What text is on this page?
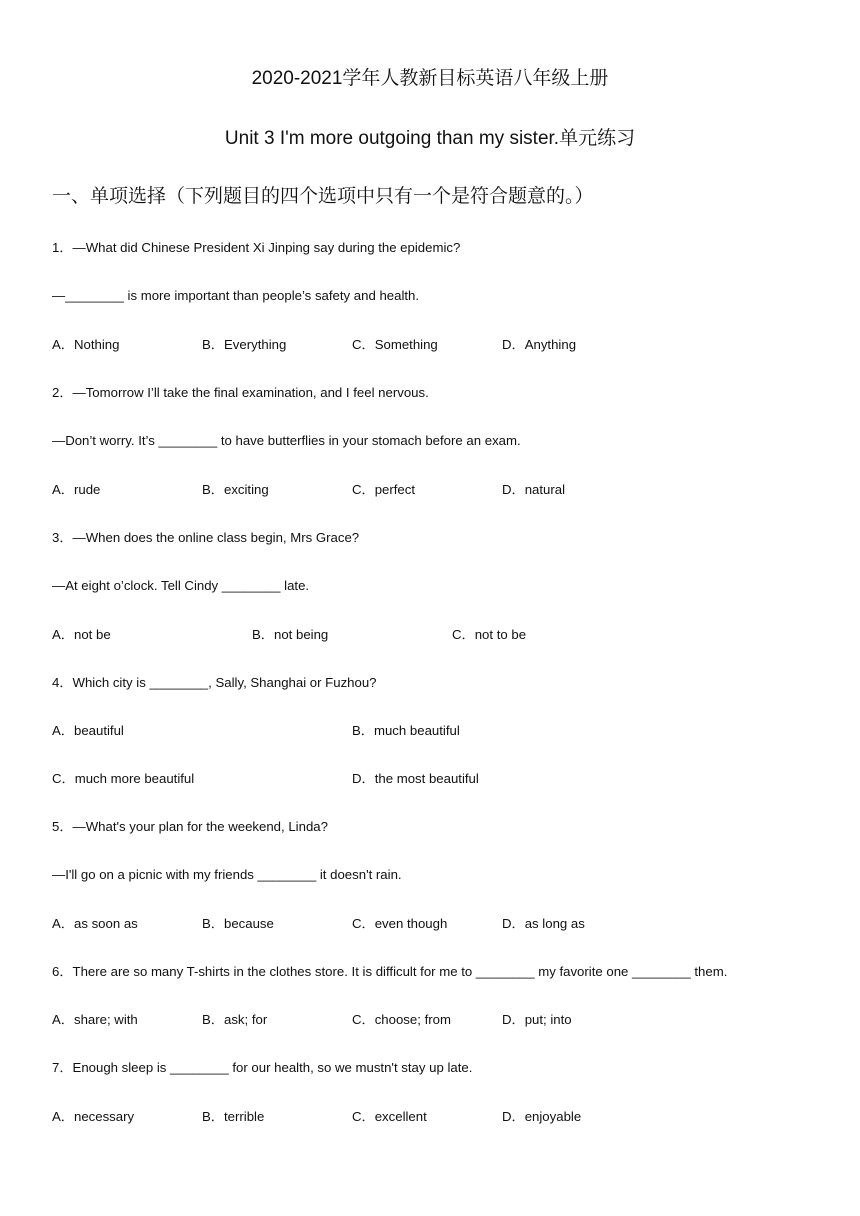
2020-2021学年人教新目标英语八年级上册
Unit 3 I'm more outgoing than my sister.单元练习
一、单项选择（下列题目的四个选项中只有一个是符合题意的。）
1．—What did Chinese President Xi Jinping say during the epidemic?
—________ is more important than people’s safety and health.
A．Nothing	B．Everything	C．Something	D．Anything
2．—Tomorrow I’ll take the final examination, and I feel nervous.
—Don’t worry. It’s ________ to have butterflies in your stomach before an exam.
A．rude	B．exciting	C．perfect	D．natural
3．—When does the online class begin, Mrs Grace?
—At eight o’clock. Tell Cindy ________ late.
A．not be	B．not being	C．not to be
4．Which city is ________, Sally, Shanghai or Fuzhou?
A．beautiful	B．much beautiful
C．much more beautiful	D．the most beautiful
5．—What's your plan for the weekend, Linda?
—I'll go on a picnic with my friends ________ it doesn't rain.
A．as soon as	B．because	C．even though	D．as long as
6．There are so many T-shirts in the clothes store. It is difficult for me to ________ my favorite one ________ them.
A．share; with	B．ask; for	C．choose; from	D．put; into
7．Enough sleep is ________ for our health, so we mustn't stay up late.
A．necessary	B．terrible	C．excellent	D．enjoyable
